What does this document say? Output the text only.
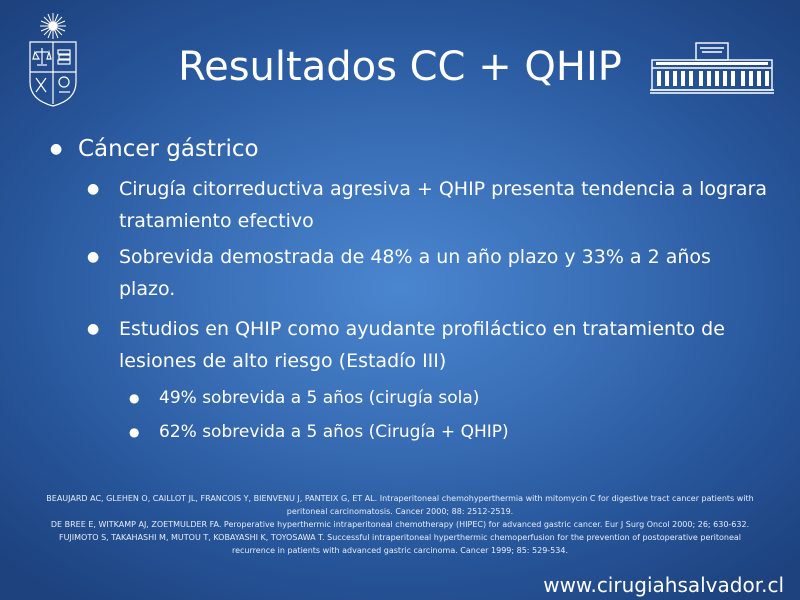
Resultados CC + QHIP
● Cáncer gástrico
● Cirugía citorreductiva agresiva + QHIP presenta tendencia a lograra tratamiento efectivo
● Sobrevida demostrada de 48% a un año plazo y 33% a 2 años plazo.
● Estudios en QHIP como ayudante profiláctico en tratamiento de lesiones de alto riesgo (Estadío III)
● 49% sobrevida a 5 años (cirugía sola)
● 62% sobrevida a 5 años (Cirugía + QHIP)

BEAUJARD AC, GLEHEN O, CAILLOT JL, FRANCOIS Y, BIENVENU J, PANTEIX G, ET AL. Intraperitoneal chemohyperthermia with mitomycin C for digestive tract cancer patients with peritoneal carcinomatosis. Cancer 2000; 88: 2512-2519.

DE BREE E, WITKAMP AJ, ZOETMULDER FA. Peroperative hyperthermic intraperitoneal chemotherapy (HIPEC) for advanced gastric cancer. Eur J Surg Oncol 2000; 26; 630-632.

FUJIMOTO S, TAKAHASHI M, MUTOU T, KOBAYASHI K, TOYOSAWA T. Successful intraperitoneal hyperthermic chemoperfusion for the prevention of postoperative peritoneal recurrence in patients with advanced gastric carcinoma. Cancer 1999; 85: 529-534.

www.cirugiahsalvador.cl
